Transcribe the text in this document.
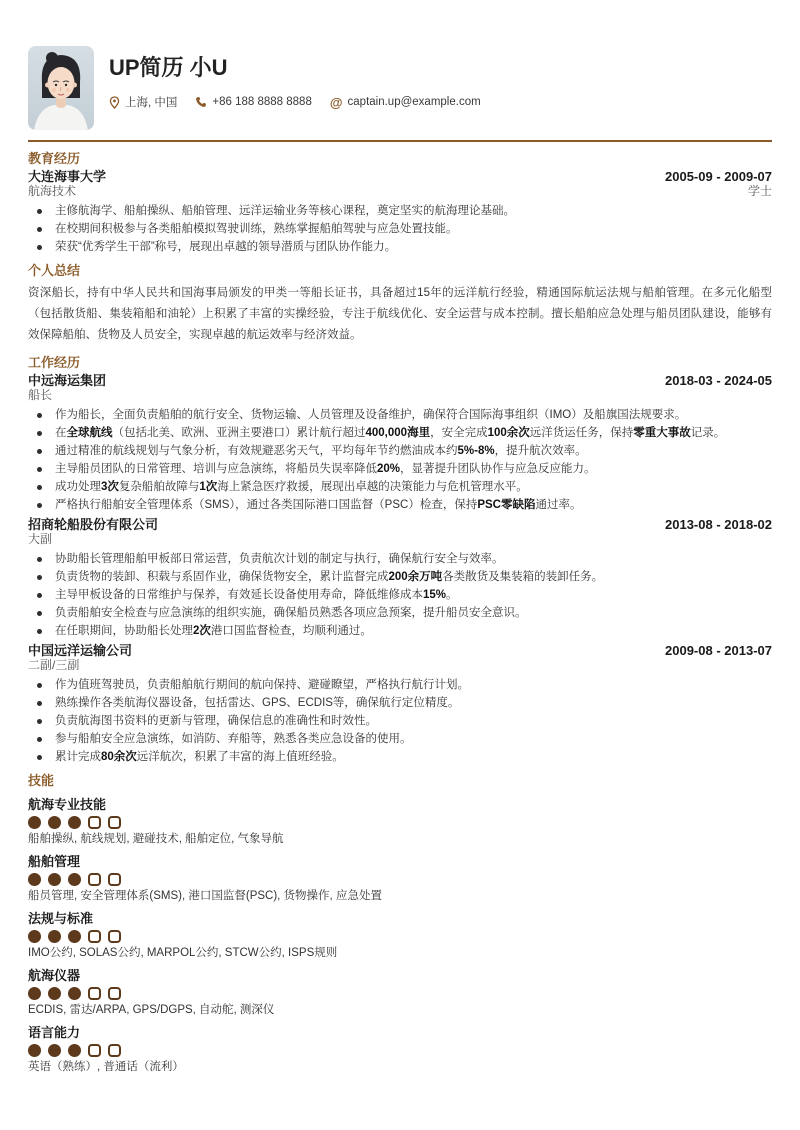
UP简历 小U
上海, 中国	+86 188 8888 8888 @ captain.up@example.com
教育经历
大连海事大学	2005-09 - 2009-07
航海技术	学士
主修航海学、船舶操纵、船舶管理、远洋运输业务等核心课程，奠定坚实的航海理论基础。
在校期间积极参与各类船舶模拟驾驶训练，熟练掌握船舶驾驶与应急处置技能。
荣获“优秀学生干部”称号，展现出卓越的领导潜质与团队协作能力。
个人总结

资深船长，持有中华人民共和国海事局颁发的甲类一等船长证书，具备超过15年的远洋航行经验，精通国际航运法规与船舶管理。在多元化船型（包括散货船、集装箱船和油轮）上积累了丰富的实操经验，专注于航线优化、安全运营与成本控制。擅长船舶应急处理与船员团队建设，能够有效保障船舶、货物及人员安全，实现卓越的航运效率与经济效益。

工作经历
中远海运集团	2018-03 - 2024-05
船长
作为船长，全面负责船舶的航行安全、货物运输、人员管理及设备维护，确保符合国际海事组织（IMO）及船旗国法规要求。
在全球航线（包括北美、欧洲、亚洲主要港口）累计航行超过400,000海里，安全完成100余次远洋货运任务，保持零重大事故记录。
通过精准的航线规划与气象分析，有效规避恶劣天气，平均每年节约燃油成本约5%-8%，提升航次效率。
主导船员团队的日常管理、培训与应急演练，将船员失误率降低20%，显著提升团队协作与应急反应能力。
成功处理3次复杂船舶故障与1次海上紧急医疗救援，展现出卓越的决策能力与危机管理水平。
严格执行船舶安全管理体系（SMS），通过各类国际港口国监督（PSC）检查，保持PSC零缺陷通过率。
招商轮船股份有限公司	2013-08 - 2018-02
大副
协助船长管理船舶甲板部日常运营，负责航次计划的制定与执行，确保航行安全与效率。
负责货物的装卸、积载与系固作业，确保货物安全，累计监督完成200余万吨各类散货及集装箱的装卸任务。
主导甲板设备的日常维护与保养，有效延长设备使用寿命，降低维修成本15%。
负责船舶安全检查与应急演练的组织实施，确保船员熟悉各项应急预案，提升船员安全意识。
在任职期间，协助船长处理2次港口国监督检查，均顺利通过。
中国远洋运输公司	2009-08 - 2013-07
二副/三副
作为值班驾驶员，负责船舶航行期间的航向保持、避碰瞭望，严格执行航行计划。
熟练操作各类航海仪器设备，包括雷达、GPS、ECDIS等，确保航行定位精度。
负责航海图书资料的更新与管理，确保信息的准确性和时效性。
参与船舶安全应急演练，如消防、弃船等，熟悉各类应急设备的使用。
累计完成80余次远洋航次，积累了丰富的海上值班经验。
技能
航海专业技能
船舶操纵, 航线规划, 避碰技术, 船舶定位, 气象导航
船舶管理
船员管理, 安全管理体系(SMS), 港口国监督(PSC), 货物操作, 应急处置
法规与标准
IMO公约, SOLAS公约, MARPOL公约, STCW公约, ISPS规则
航海仪器
ECDIS, 雷达/ARPA, GPS/DGPS, 自动舵, 测深仪
语言能力
英语（熟练）, 普通话（流利）
